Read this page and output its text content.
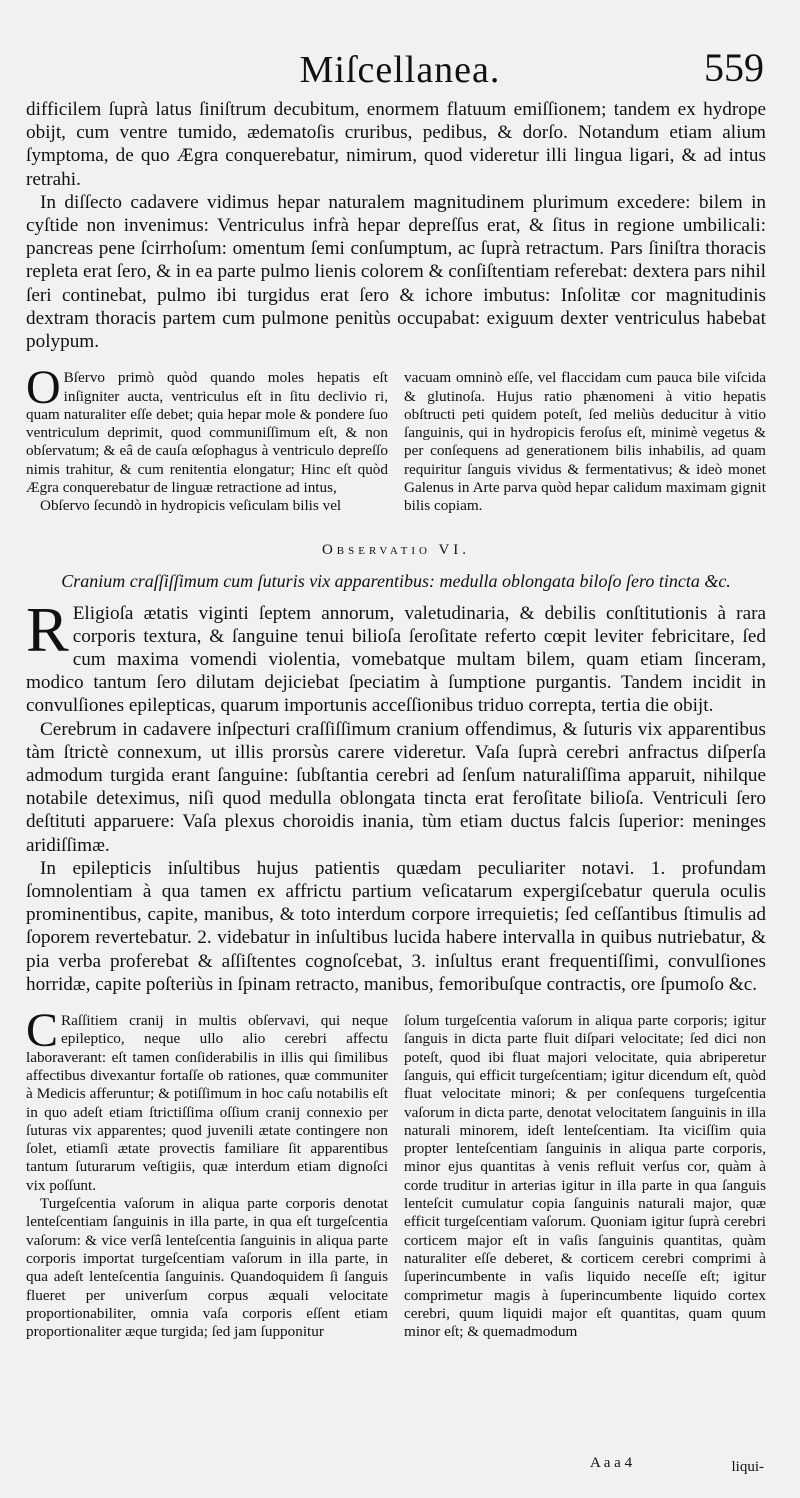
Miſcellanea.	559

difficilem ſuprà latus ſiniſtrum decubitum, enormem flatuum emiſſionem; tandem ex hydrope obijt, cum ventre tumido, ædematoſis cruribus, pedibus, & dorſo. Notandum etiam alium ſymptoma, de quo Ægra conquerebatur, nimirum, quod videretur illi lingua ligari, & ad intus retrahi.

In diſſecto cadavere vidimus hepar naturalem magnitudinem plurimum excedere: bilem in cyſtide non invenimus: Ventriculus infrà hepar depreſſus erat, & ſitus in regione umbilicali: pancreas pene ſcirrhoſum: omentum ſemi conſumptum, ac ſuprà retractum. Pars ſiniſtra thoracis repleta erat ſero, & in ea parte pulmo lienis colorem & conſiſtentiam referebat: dextera pars nihil ſeri continebat, pulmo ibi turgidus erat ſero & ichore imbutus: Inſolitæ cor magnitudinis dextram thoracis partem cum pulmone penitùs occupabat: exiguum dexter ventriculus habebat polypum.

O Bſervo primò quòd quando moles hepatis eſt inſigniter aucta, ventriculus eſt in ſitu declivio ri, quam naturaliter eſſe debet; quia hepar mole & pondere ſuo ventriculum deprimit, quod communiſſimum eſt, & non obſervatum; & eâ de cauſa œſophagus à ventriculo depreſſo nimis trahitur, & cum renitentia elongatur; Hinc eſt quòd Ægra conquerebatur de linguæ retractione ad intus,

Obſervo ſecundò in hydropicis veſiculam bilis vel

vacuam omninò eſſe, vel flaccidam cum pauca bile viſcida & glutinoſa. Hujus ratio phænomeni à vitio hepatis obſtructi peti quidem poteſt, ſed meliùs deducitur à vitio ſanguinis, qui in hydropicis feroſus eſt, minimè vegetus & per conſequens ad generationem bilis inhabilis, ad quam requiritur ſanguis vividus & fermentativus; & ideò monet Galenus in Arte parva quòd hepar calidum maximam gignit bilis copiam.

Observatio VI.
Cranium craſſiſſimum cum ſuturis vix apparentibus: medulla oblongata biloſo ſero tincta &c.

R Eligioſa ætatis viginti ſeptem annorum, valetudinaria, & debilis conſtitutionis à rara corporis textura, & ſanguine tenui bilioſa ſeroſitate referto cœpit leviter febricitare, ſed cum maxima vomendi violentia, vomebatque multam bilem, quam etiam ſinceram, modico tantum ſero dilutam dejiciebat ſpeciatim à ſumptione purgantis. Tandem incidit in convulſiones epilepticas, quarum importunis acceſſionibus triduo correpta, tertia die obijt.

Cerebrum in cadavere inſpecturi craſſiſſimum cranium offendimus, & ſuturis vix apparentibus tàm ſtrictè connexum, ut illis prorsùs carere videretur. Vaſa ſuprà cerebri anfractus diſperſa admodum turgida erant ſanguine: ſubſtantia cerebri ad ſenſum naturaliſſima apparuit, nihilque notabile deteximus, niſi quod medulla oblongata tincta erat feroſitate bilioſa. Ventriculi ſero deſtituti apparuere: Vaſa plexus choroidis inania, tùm etiam ductus falcis ſuperior: meninges aridiſſimæ.

In epilepticis inſultibus hujus patientis quædam peculiariter notavi. 1. profundam ſomnolentiam à qua tamen ex affrictu partium veſicatarum expergiſcebatur querula oculis prominentibus, capite, manibus, & toto interdum corpore irrequietis; ſed ceſſantibus ſtimulis ad ſoporem revertebatur. 2. videbatur in inſultibus lucida habere intervalla in quibus nutriebatur, & pia verba proferebat & aſſiſtentes cognoſcebat, 3. inſultus erant frequentiſſimi, convulſiones horridæ, capite poſteriùs in ſpinam retracto, manibus, femoribuſque contractis, ore ſpumoſo &c.

C Raſſitiem cranij in multis obſervavi, qui neque epileptico, neque ullo alio cerebri affectu laboraverant: eſt tamen conſiderabilis in illis qui ſimilibus affectibus divexantur fortaſſe ob rationes, quæ communiter à Medicis afferuntur; & potiſſimum in hoc caſu notabilis eſt in quo adeſt etiam ſtrictiſſima oſſium cranij connexio per ſuturas vix apparentes; quod juvenili ætate contingere non ſolet, etiamſi ætate provectis familiare ſit apparentibus tantum ſuturarum veſtigiis, quæ interdum etiam dignoſci vix poſſunt.

Turgeſcentia vaſorum in aliqua parte corporis denotat lenteſcentiam ſanguinis in illa parte, in qua eſt turgeſcentia vaſorum: & vice verſâ lenteſcentia ſanguinis in aliqua parte corporis importat turgeſcentiam vaſorum in illa parte, in qua adeſt lenteſcentia ſanguinis. Quandoquidem ſi ſanguis flueret per univerſum corpus æquali velocitate proportionabiliter, omnia vaſa corporis eſſent etiam proportionaliter æque turgida; ſed jam ſupponitur

ſolum turgeſcentia vaſorum in aliqua parte corporis; igitur ſanguis in dicta parte fluit diſpari velocitate; ſed dici non poteſt, quod ibi fluat majori velocitate, quia abriperetur ſanguis, qui efficit turgeſcentiam; igitur dicendum eſt, quòd fluat velocitate minori; & per conſequens turgeſcentia vaſorum in dicta parte, denotat velocitatem ſanguinis in illa naturali minorem, ideſt lenteſcentiam. Ita viciſſim quia propter lenteſcentiam ſanguinis in aliqua parte corporis, minor ejus quantitas à venis refluit verſus cor, quàm à corde truditur in arterias igitur in illa parte in qua ſanguis lenteſcit cumulatur copia ſanguinis naturali major, quæ efficit turgeſcentiam vaſorum. Quoniam igitur ſuprà cerebri corticem major eſt in vaſis ſanguinis quantitas, quàm naturaliter eſſe deberet, & corticem cerebri comprimi à ſuperincumbente in vaſis liquido neceſſe eſt; igitur comprimetur magis à ſuperincumbente liquido cortex cerebri, quum liquidi major eſt quantitas, quam quum minor eſt; & quemadmodum

A a a 4	liqui-
